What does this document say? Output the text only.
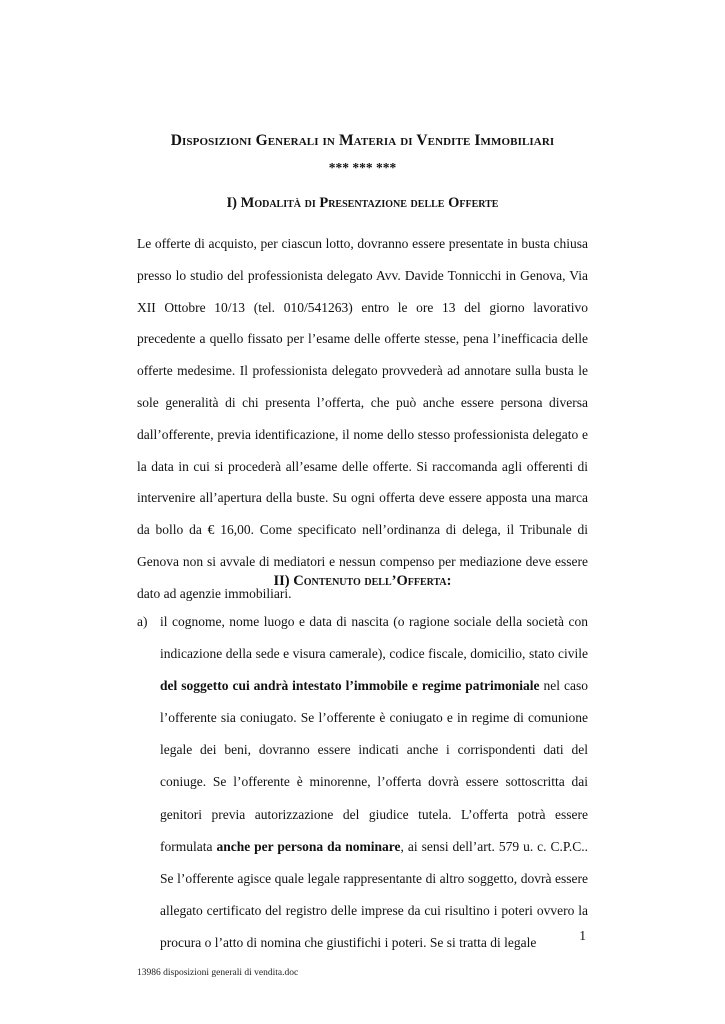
Disposizioni Generali in Materia di Vendite Immobiliari
*** *** ***
I) Modalità di Presentazione delle Offerte
Le offerte di acquisto, per ciascun lotto, dovranno essere presentate in busta chiusa presso lo studio del professionista delegato Avv. Davide Tonnicchi in Genova, Via XII Ottobre 10/13 (tel. 010/541263) entro le ore 13 del giorno lavorativo precedente a quello fissato per l’esame delle offerte stesse, pena l’inefficacia delle offerte medesime. Il professionista delegato provvederà ad annotare sulla busta le sole generalità di chi presenta l’offerta, che può anche essere persona diversa dall’offerente, previa identificazione, il nome dello stesso professionista delegato e la data in cui si procederà all’esame delle offerte. Si raccomanda agli offerenti di intervenire all’apertura della buste. Su ogni offerta deve essere apposta una marca da bollo da € 16,00. Come specificato nell’ordinanza di delega, il Tribunale di Genova non si avvale di mediatori e nessun compenso per mediazione deve essere dato ad agenzie immobiliari.
II) Contenuto dell’Offerta:
a) il cognome, nome luogo e data di nascita (o ragione sociale della società con indicazione della sede e visura camerale), codice fiscale, domicilio, stato civile del soggetto cui andrà intestato l’immobile e regime patrimoniale nel caso l’offerente sia coniugato. Se l’offerente è coniugato e in regime di comunione legale dei beni, dovranno essere indicati anche i corrispondenti dati del coniuge. Se l’offerente è minorenne, l’offerta dovrà essere sottoscritta dai genitori previa autorizzazione del giudice tutela. L’offerta potrà essere formulata anche per persona da nominare, ai sensi dell’art. 579 u. c. C.P.C.. Se l’offerente agisce quale legale rappresentante di altro soggetto, dovrà essere allegato certificato del registro delle imprese da cui risultino i poteri ovvero la procura o l’atto di nomina che giustifichi i poteri. Se si tratta di legale	1
13986 disposizioni generali di vendita.doc
